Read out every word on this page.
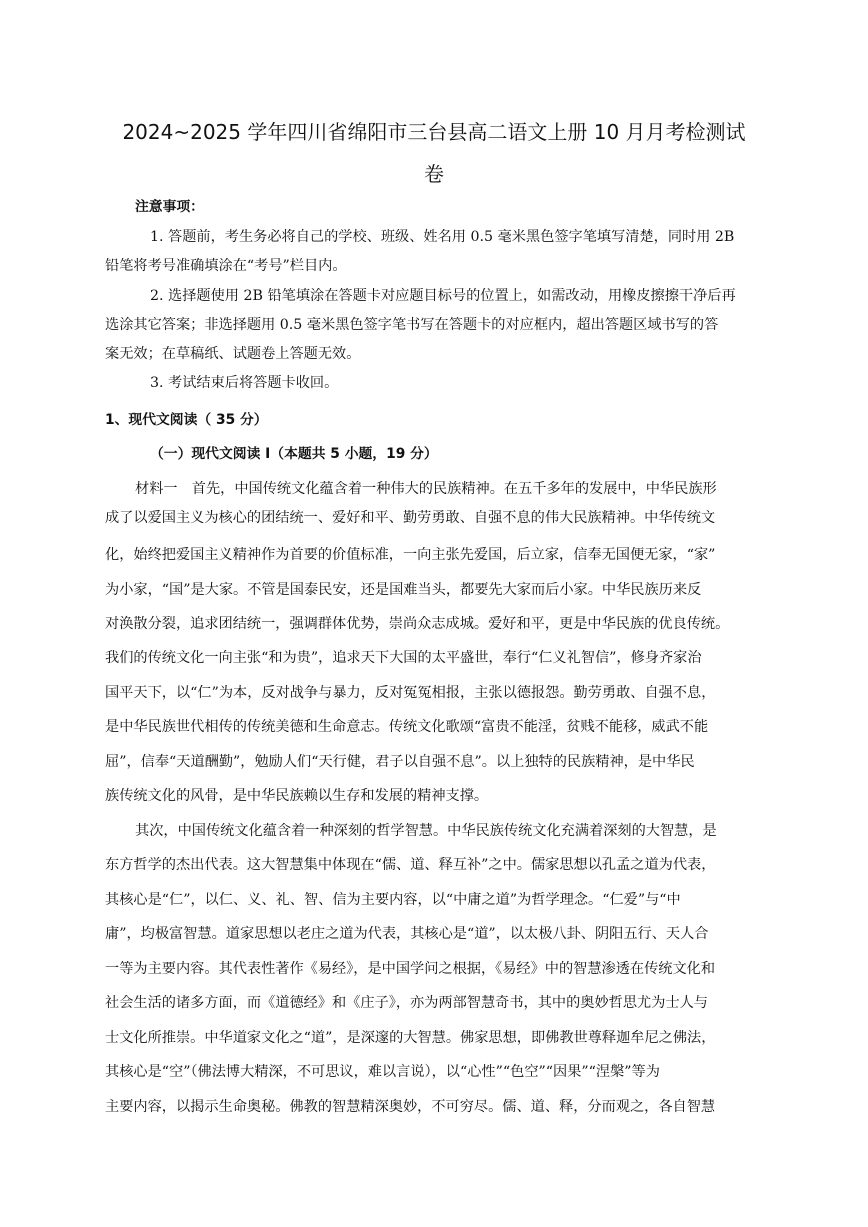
2024~2025 学年四川省绵阳市三台县高二语文上册 10 月月考检测试
卷
注意事项：
1. 答题前，考生务必将自己的学校、班级、姓名用 0.5 毫米黑色签字笔填写清楚，同时用 2B
铅笔将考号准确填涂在“考号”栏目内。
2. 选择题使用 2B 铅笔填涂在答题卡对应题目标号的位置上，如需改动，用橡皮擦擦干净后再
选涂其它答案；非选择题用 0.5 毫米黑色签字笔书写在答题卡的对应框内，超出答题区域书写的答
案无效；在草稿纸、试题卷上答题无效。
3. 考试结束后将答题卡收回。
1、现代文阅读（ 35 分）
（一）现代文阅读 I（本题共 5 小题，19 分）
材料一　首先，中国传统文化蕴含着一种伟大的民族精神。在五千多年的发展中，中华民族形
成了以爱国主义为核心的团结统一、爱好和平、勤劳勇敢、自强不息的伟大民族精神。中华传统文
化，始终把爱国主义精神作为首要的价值标准，一向主张先爱国，后立家，信奉无国便无家，“家”
为小家，“国”是大家。不管是国泰民安，还是国难当头，都要先大家而后小家。中华民族历来反
对涣散分裂，追求团结统一，强调群体优势，崇尚众志成城。爱好和平，更是中华民族的优良传统。
我们的传统文化一向主张“和为贵”，追求天下大国的太平盛世，奉行“仁义礼智信”，修身齐家治
国平天下，以“仁”为本，反对战争与暴力，反对冤冤相报，主张以德报怨。勤劳勇敢、自强不息，
是中华民族世代相传的传统美德和生命意志。传统文化歌颂“富贵不能淫，贫贱不能移，威武不能
屈”，信奉“天道酬勤”，勉励人们“天行健，君子以自强不息”。以上独特的民族精神，是中华民
族传统文化的风骨，是中华民族赖以生存和发展的精神支撑。
其次，中国传统文化蕴含着一种深刻的哲学智慧。中华民族传统文化充满着深刻的大智慧，是
东方哲学的杰出代表。这大智慧集中体现在“儒、道、释互补”之中。儒家思想以孔孟之道为代表，
其核心是“仁”，以仁、义、礼、智、信为主要内容，以“中庸之道”为哲学理念。“仁爱”与“中
庸”，均极富智慧。道家思想以老庄之道为代表，其核心是“道”，以太极八卦、阴阳五行、天人合
一等为主要内容。其代表性著作《易经》，是中国学问之根据，《易经》中的智慧渗透在传统文化和
社会生活的诸多方面，而《道德经》和《庄子》，亦为两部智慧奇书，其中的奥妙哲思尤为士人与
士文化所推崇。中华道家文化之“道”，是深邃的大智慧。佛家思想，即佛教世尊释迦牟尼之佛法，
其核心是“空”（佛法博大精深，不可思议，难以言说），以“心性”“色空”“因果”“涅槃”等为
主要内容，以揭示生命奥秘。佛教的智慧精深奥妙，不可穷尽。儒、道、释，分而观之，各自智慧
